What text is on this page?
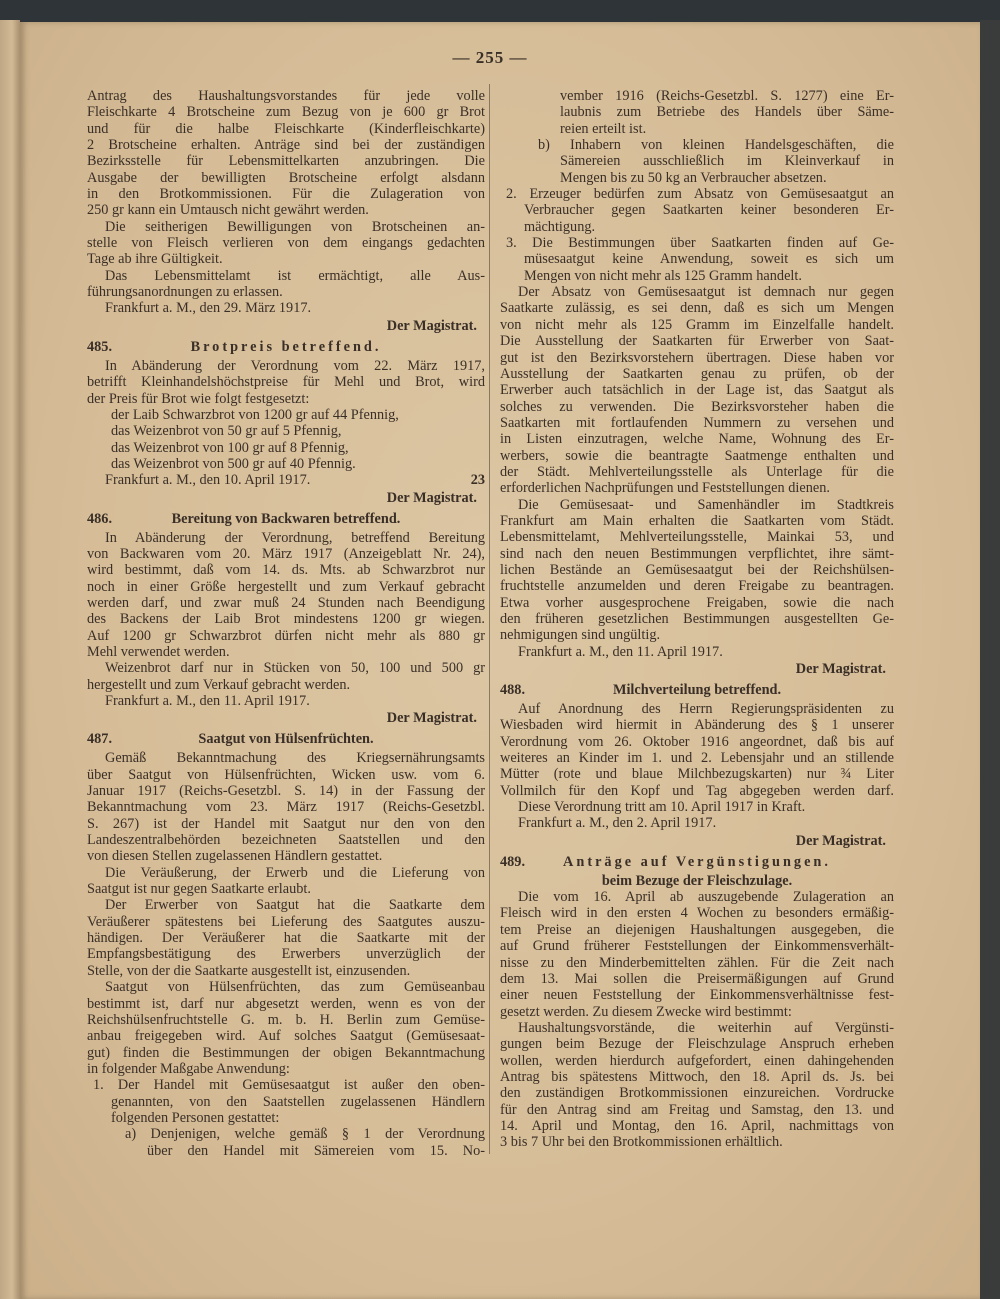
— 255 —
Antrag des Haushaltungsvorstandes für jede volle
Fleischkarte 4 Brotscheine zum Bezug von je 600 gr Brot
und für die halbe Fleischkarte (Kinderfleischkarte)
2 Brotscheine erhalten. Anträge sind bei der zuständigen
Bezirksstelle für Lebensmittelkarten anzubringen. Die
Ausgabe der bewilligten Brotscheine erfolgt alsdann
in den Brotkommissionen. Für die Zulageration von
250 gr kann ein Umtausch nicht gewährt werden.
Die seitherigen Bewilligungen von Brotscheinen an-
stelle von Fleisch verlieren von dem eingangs gedachten
Tage ab ihre Gültigkeit.
Das Lebensmittelamt ist ermächtigt, alle Aus-
führungsanordnungen zu erlassen.
Frankfurt a. M., den 29. März 1917.
Der Magistrat.
485.	Brotpreis betreffend.
In Abänderung der Verordnung vom 22. März 1917,
betrifft Kleinhandelshöchstpreise für Mehl und Brot, wird
der Preis für Brot wie folgt festgesetzt:
der Laib Schwarzbrot von 1200 gr auf 44 Pfennig,
das Weizenbrot von 50 gr auf 5 Pfennig,
das Weizenbrot von 100 gr auf 8 Pfennig,
das Weizenbrot von 500 gr auf 40 Pfennig.
23
Frankfurt a. M., den 10. April 1917.
Der Magistrat.
486.	Bereitung von Backwaren betreffend.
In Abänderung der Verordnung, betreffend Bereitung
von Backwaren vom 20. März 1917 (Anzeigeblatt Nr. 24),
wird bestimmt, daß vom 14. ds. Mts. ab Schwarzbrot nur
noch in einer Größe hergestellt und zum Verkauf gebracht
werden darf, und zwar muß 24 Stunden nach Beendigung
des Backens der Laib Brot mindestens 1200 gr wiegen.
Auf 1200 gr Schwarzbrot dürfen nicht mehr als 880 gr
Mehl verwendet werden.
Weizenbrot darf nur in Stücken von 50, 100 und 500 gr
hergestellt und zum Verkauf gebracht werden.
Frankfurt a. M., den 11. April 1917.
Der Magistrat.
487.	Saatgut von Hülsenfrüchten.
Gemäß Bekanntmachung des Kriegsernährungsamts
über Saatgut von Hülsenfrüchten, Wicken usw. vom 6.
Januar 1917 (Reichs-Gesetzbl. S. 14) in der Fassung der
Bekanntmachung vom 23. März 1917 (Reichs-Gesetzbl.
S. 267) ist der Handel mit Saatgut nur den von den
Landeszentralbehörden bezeichneten Saatstellen und den
von diesen Stellen zugelassenen Händlern gestattet.
Die Veräußerung, der Erwerb und die Lieferung von
Saatgut ist nur gegen Saatkarte erlaubt.
Der Erwerber von Saatgut hat die Saatkarte dem
Veräußerer spätestens bei Lieferung des Saatgutes auszu-
händigen. Der Veräußerer hat die Saatkarte mit der
Empfangsbestätigung des Erwerbers unverzüglich der
Stelle, von der die Saatkarte ausgestellt ist, einzusenden.
Saatgut von Hülsenfrüchten, das zum Gemüseanbau
bestimmt ist, darf nur abgesetzt werden, wenn es von der
Reichshülsenfruchtstelle G. m. b. H. Berlin zum Gemüse-
anbau freigegeben wird. Auf solches Saatgut (Gemüsesaat-
gut) finden die Bestimmungen der obigen Bekanntmachung
in folgender Maßgabe Anwendung:
1. Der Handel mit Gemüsesaatgut ist außer den oben-
genannten, von den Saatstellen zugelassenen Händlern
folgenden Personen gestattet:
a) Denjenigen, welche gemäß § 1 der Verordnung
über den Handel mit Sämereien vom 15. No-
vember 1916 (Reichs-Gesetzbl. S. 1277) eine Er-
laubnis zum Betriebe des Handels über Säme-
reien erteilt ist.
b) Inhabern von kleinen Handelsgeschäften, die
Sämereien ausschließlich im Kleinverkauf in
Mengen bis zu 50 kg an Verbraucher absetzen.
2. Erzeuger bedürfen zum Absatz von Gemüsesaatgut an
Verbraucher gegen Saatkarten keiner besonderen Er-
mächtigung.
3. Die Bestimmungen über Saatkarten finden auf Ge-
müsesaatgut keine Anwendung, soweit es sich um
Mengen von nicht mehr als 125 Gramm handelt.
Der Absatz von Gemüsesaatgut ist demnach nur gegen
Saatkarte zulässig, es sei denn, daß es sich um Mengen
von nicht mehr als 125 Gramm im Einzelfalle handelt.
Die Ausstellung der Saatkarten für Erwerber von Saat-
gut ist den Bezirksvorstehern übertragen. Diese haben vor
Ausstellung der Saatkarten genau zu prüfen, ob der
Erwerber auch tatsächlich in der Lage ist, das Saatgut als
solches zu verwenden. Die Bezirksvorsteher haben die
Saatkarten mit fortlaufenden Nummern zu versehen und
in Listen einzutragen, welche Name, Wohnung des Er-
werbers, sowie die beantragte Saatmenge enthalten und
der Städt. Mehlverteilungsstelle als Unterlage für die
erforderlichen Nachprüfungen und Feststellungen dienen.
Die Gemüsesaat- und Samenhändler im Stadtkreis
Frankfurt am Main erhalten die Saatkarten vom Städt.
Lebensmittelamt, Mehlverteilungsstelle, Mainkai 53, und
sind nach den neuen Bestimmungen verpflichtet, ihre sämt-
lichen Bestände an Gemüsesaatgut bei der Reichshülsen-
fruchtstelle anzumelden und deren Freigabe zu beantragen.
Etwa vorher ausgesprochene Freigaben, sowie die nach
den früheren gesetzlichen Bestimmungen ausgestellten Ge-
nehmigungen sind ungültig.
Frankfurt a. M., den 11. April 1917.
Der Magistrat.
488.	Milchverteilung betreffend.
Auf Anordnung des Herrn Regierungspräsidenten zu
Wiesbaden wird hiermit in Abänderung des § 1 unserer
Verordnung vom 26. Oktober 1916 angeordnet, daß bis auf
weiteres an Kinder im 1. und 2. Lebensjahr und an stillende
Mütter (rote und blaue Milchbezugskarten) nur ¾ Liter
Vollmilch für den Kopf und Tag abgegeben werden darf.
Diese Verordnung tritt am 10. April 1917 in Kraft.
Frankfurt a. M., den 2. April 1917.
Der Magistrat.
489.	Anträge auf Vergünstigungen.
beim Bezuge der Fleischzulage.
Die vom 16. April ab auszugebende Zulageration an
Fleisch wird in den ersten 4 Wochen zu besonders ermäßig-
tem Preise an diejenigen Haushaltungen ausgegeben, die
auf Grund früherer Feststellungen der Einkommensverhält-
nisse zu den Minderbemittelten zählen. Für die Zeit nach
dem 13. Mai sollen die Preisermäßigungen auf Grund
einer neuen Feststellung der Einkommensverhältnisse fest-
gesetzt werden. Zu diesem Zwecke wird bestimmt:
Haushaltungsvorstände, die weiterhin auf Vergünsti-
gungen beim Bezuge der Fleischzulage Anspruch erheben
wollen, werden hierdurch aufgefordert, einen dahingehenden
Antrag bis spätestens Mittwoch, den 18. April ds. Js. bei
den zuständigen Brotkommissionen einzureichen. Vordrucke
für den Antrag sind am Freitag und Samstag, den 13. und
14. April und Montag, den 16. April, nachmittags von
3 bis 7 Uhr bei den Brotkommissionen erhältlich.
